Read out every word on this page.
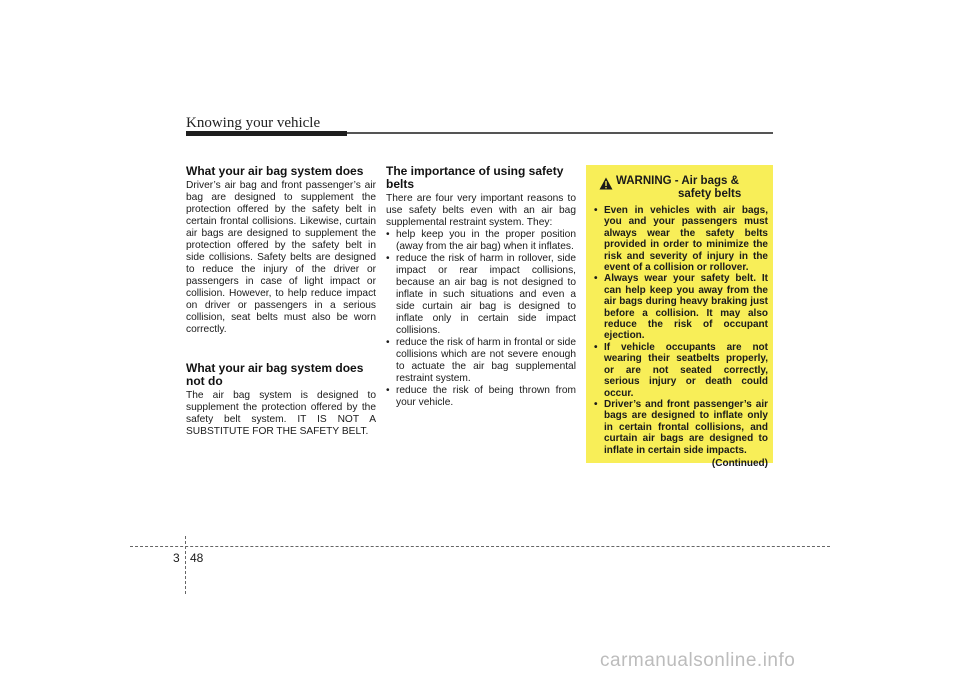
Knowing your vehicle
What your air bag system does

Driver’s air bag and front passenger’s air bag are designed to supplement the protection offered by the safety belt in certain frontal collisions. Likewise, curtain air bags are designed to supplement the protection offered by the safety belt in side collisions. Safety belts are designed to reduce the injury of the driver or passengers in case of light impact or collision. However, to help reduce impact on driver or passengers in a serious collision, seat belts must also be worn correctly.

What your air bag system does not do

The air bag system is designed to supplement the protection offered by the safety belt system. IT IS NOT A SUBSTITUTE FOR THE SAFETY BELT.

The importance of using safety belts

There are four very important reasons to use safety belts even with an air bag supplemental restraint system. They:

• help keep you in the proper position (away from the air bag) when it inflates.
• reduce the risk of harm in rollover, side impact or rear impact collisions, because an air bag is not designed to inflate in such situations and even a side curtain air bag is designed to inflate only in certain side impact collisions.
• reduce the risk of harm in frontal or side collisions which are not severe enough to actuate the air bag supplemental restraint system.
• reduce the risk of being thrown from your vehicle.
WARNING - Air bags &
safety belts
• Even in vehicles with air bags, you and your passengers must always wear the safety belts provided in order to minimize the risk and severity of injury in the event of a collision or rollover.
• Always wear your safety belt. It can help keep you away from the air bags during heavy braking just before a collision. It may also reduce the risk of occupant ejection.
• If vehicle occupants are not wearing their seatbelts properly, or are not seated correctly, serious injury or death could occur.
• Driver’s and front passenger’s air bags are designed to inflate only in certain frontal collisions, and curtain air bags are designed to inflate in certain side impacts.
(Continued)
3 48
carmanualsonline.info
